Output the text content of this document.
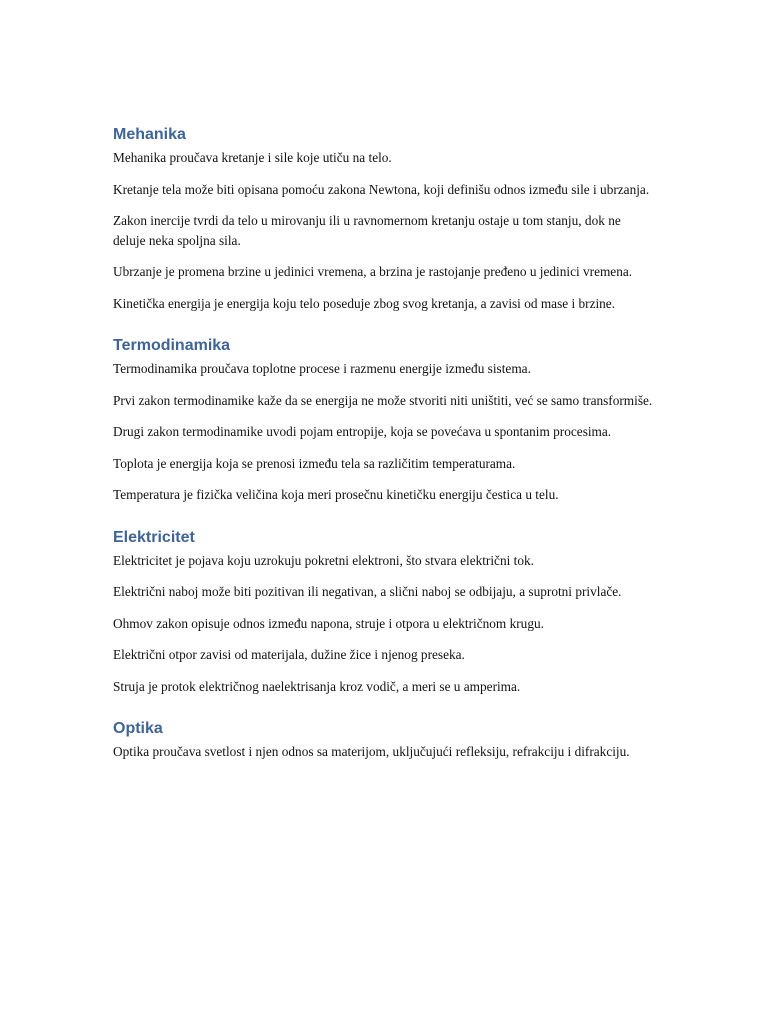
Mehanika

Mehanika proučava kretanje i sile koje utiču na telo.

Kretanje tela može biti opisana pomoću zakona Newtona, koji definišu odnos između sile i ubrzanja.

Zakon inercije tvrdi da telo u mirovanju ili u ravnomernom kretanju ostaje u tom stanju, dok ne deluje neka spoljna sila.

Ubrzanje je promena brzine u jedinici vremena, a brzina je rastojanje pređeno u jedinici vremena.

Kinetička energija je energija koju telo poseduje zbog svog kretanja, a zavisi od mase i brzine.

Termodinamika

Termodinamika proučava toplotne procese i razmenu energije između sistema.

Prvi zakon termodinamike kaže da se energija ne može stvoriti niti uništiti, već se samo transformiše.

Drugi zakon termodinamike uvodi pojam entropije, koja se povećava u spontanim procesima.

Toplota je energija koja se prenosi između tela sa različitim temperaturama.

Temperatura je fizička veličina koja meri prosečnu kinetičku energiju čestica u telu.

Elektricitet

Elektricitet je pojava koju uzrokuju pokretni elektroni, što stvara električni tok.

Električni naboj može biti pozitivan ili negativan, a slični naboj se odbijaju, a suprotni privlače.

Ohmov zakon opisuje odnos između napona, struje i otpora u električnom krugu.

Električni otpor zavisi od materijala, dužine žice i njenog preseka.

Struja je protok električnog naelektrisanja kroz vodič, a meri se u amperima.

Optika

Optika proučava svetlost i njen odnos sa materijom, uključujući refleksiju, refrakciju i difrakciju.
